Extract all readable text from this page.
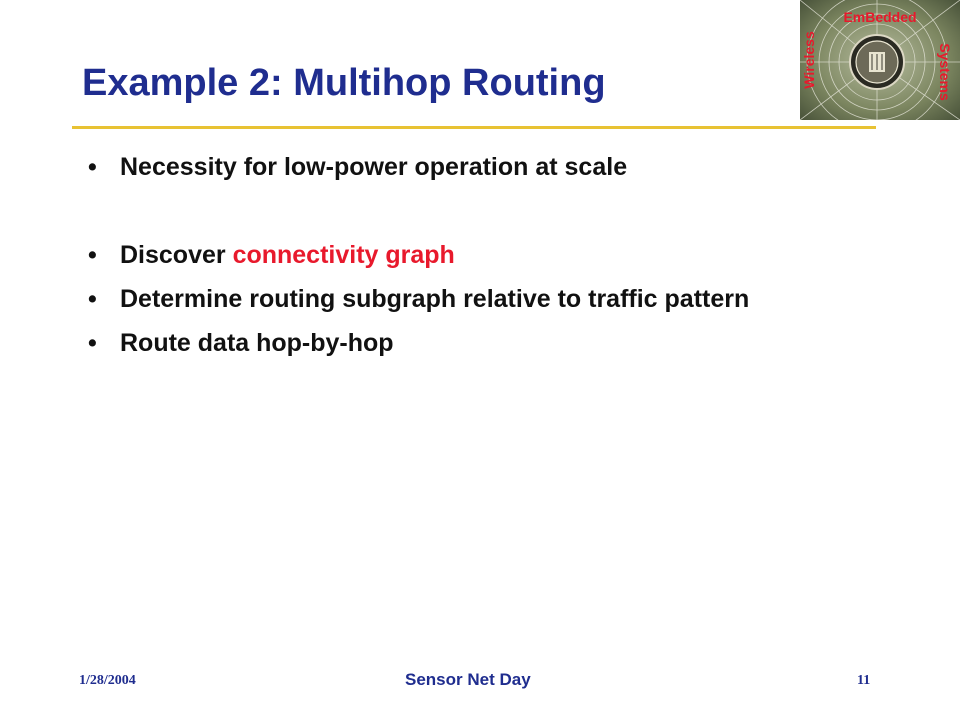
Example 2: Multihop Routing
EmBedded
Wireless	Systems
• Necessity for low-power operation at scale
• Discover connectivity graph
• Determine routing subgraph relative to traffic pattern
• Route data hop-by-hop
1/28/2004	Sensor Net Day	11
